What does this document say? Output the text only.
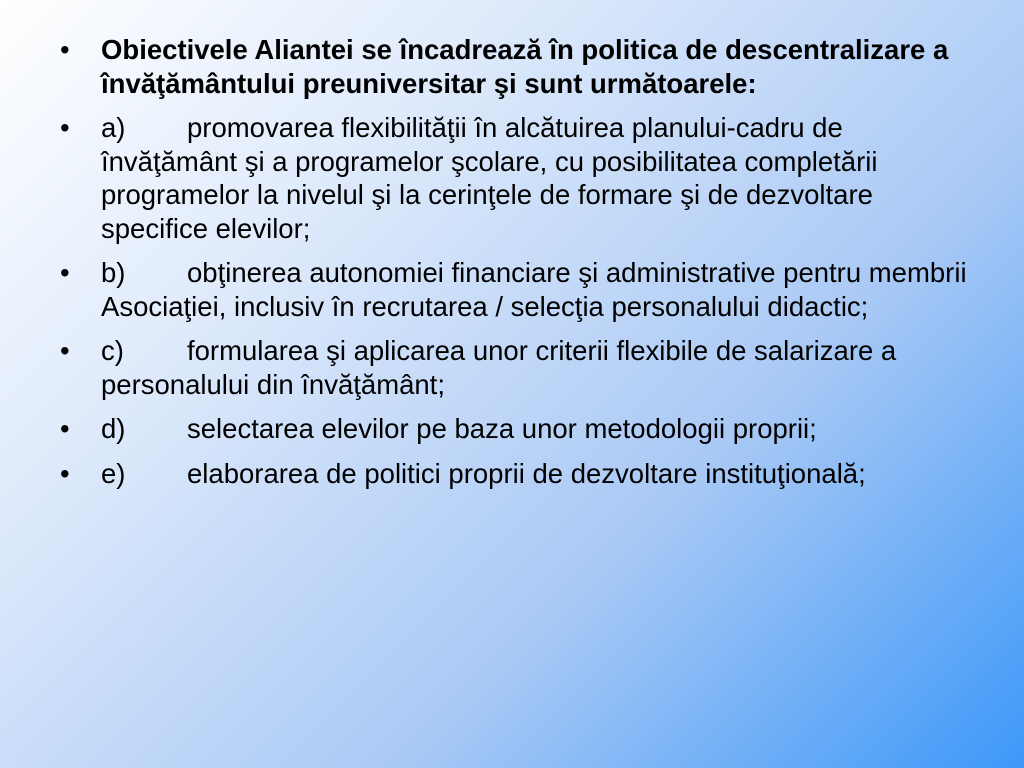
• Obiectivele Aliantei se încadrează în politica de descentralizare a învăţământului preuniversitar şi sunt următoarele:
• a) promovarea flexibilităţii în alcătuirea planului-cadru de învăţământ şi a programelor şcolare, cu posibilitatea completării programelor la nivelul şi la cerinţele de formare şi de dezvoltare specifice elevilor;
• b) obţinerea autonomiei financiare şi administrative pentru membrii Asociaţiei, inclusiv în recrutarea / selecţia personalului didactic;
• c) formularea şi aplicarea unor criterii flexibile de salarizare a personalului din învăţământ;
• d) selectarea elevilor pe baza unor metodologii proprii;
• e) elaborarea de politici proprii de dezvoltare instituţională;
